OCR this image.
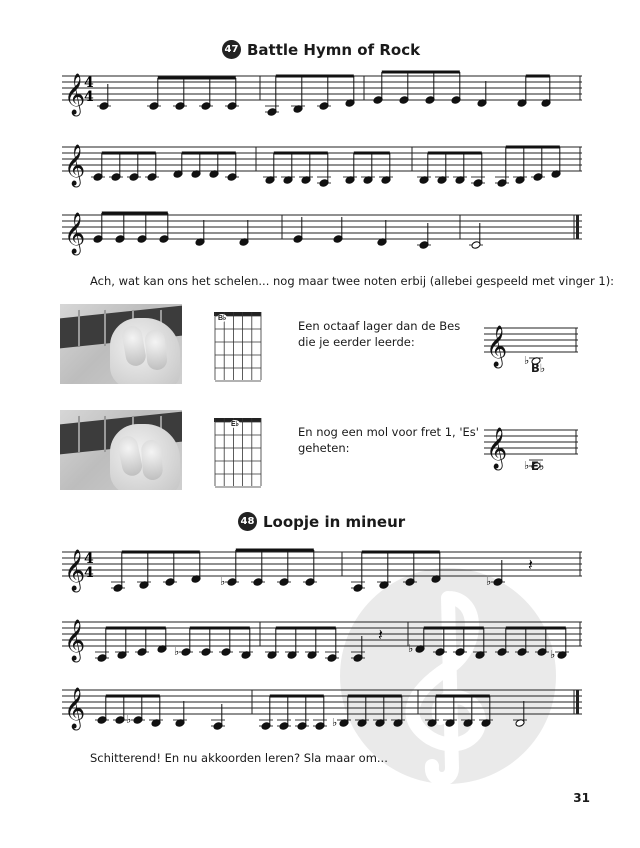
47 Battle Hymn of Rock
𝄞
4
4
𝄞
𝄞
Ach, wat kan ons het schelen... nog maar twee noten erbij (allebei gespeeld met vinger 1):
B♭
Een octaaf lager dan de Bes
die je eerder leerde:	𝄞 ♭
B♭
E♭
En nog een mol voor fret 1, 'Es'
geheten:	𝄞 ♭ E♭
48 Loopje in mineur
𝄞
4
4
♭	♭
𝄽
𝄞	♭
𝄽
♭	♭
𝄞	♭	♭
Schitterend! En nu akkoorden leren? Sla maar om...
31
